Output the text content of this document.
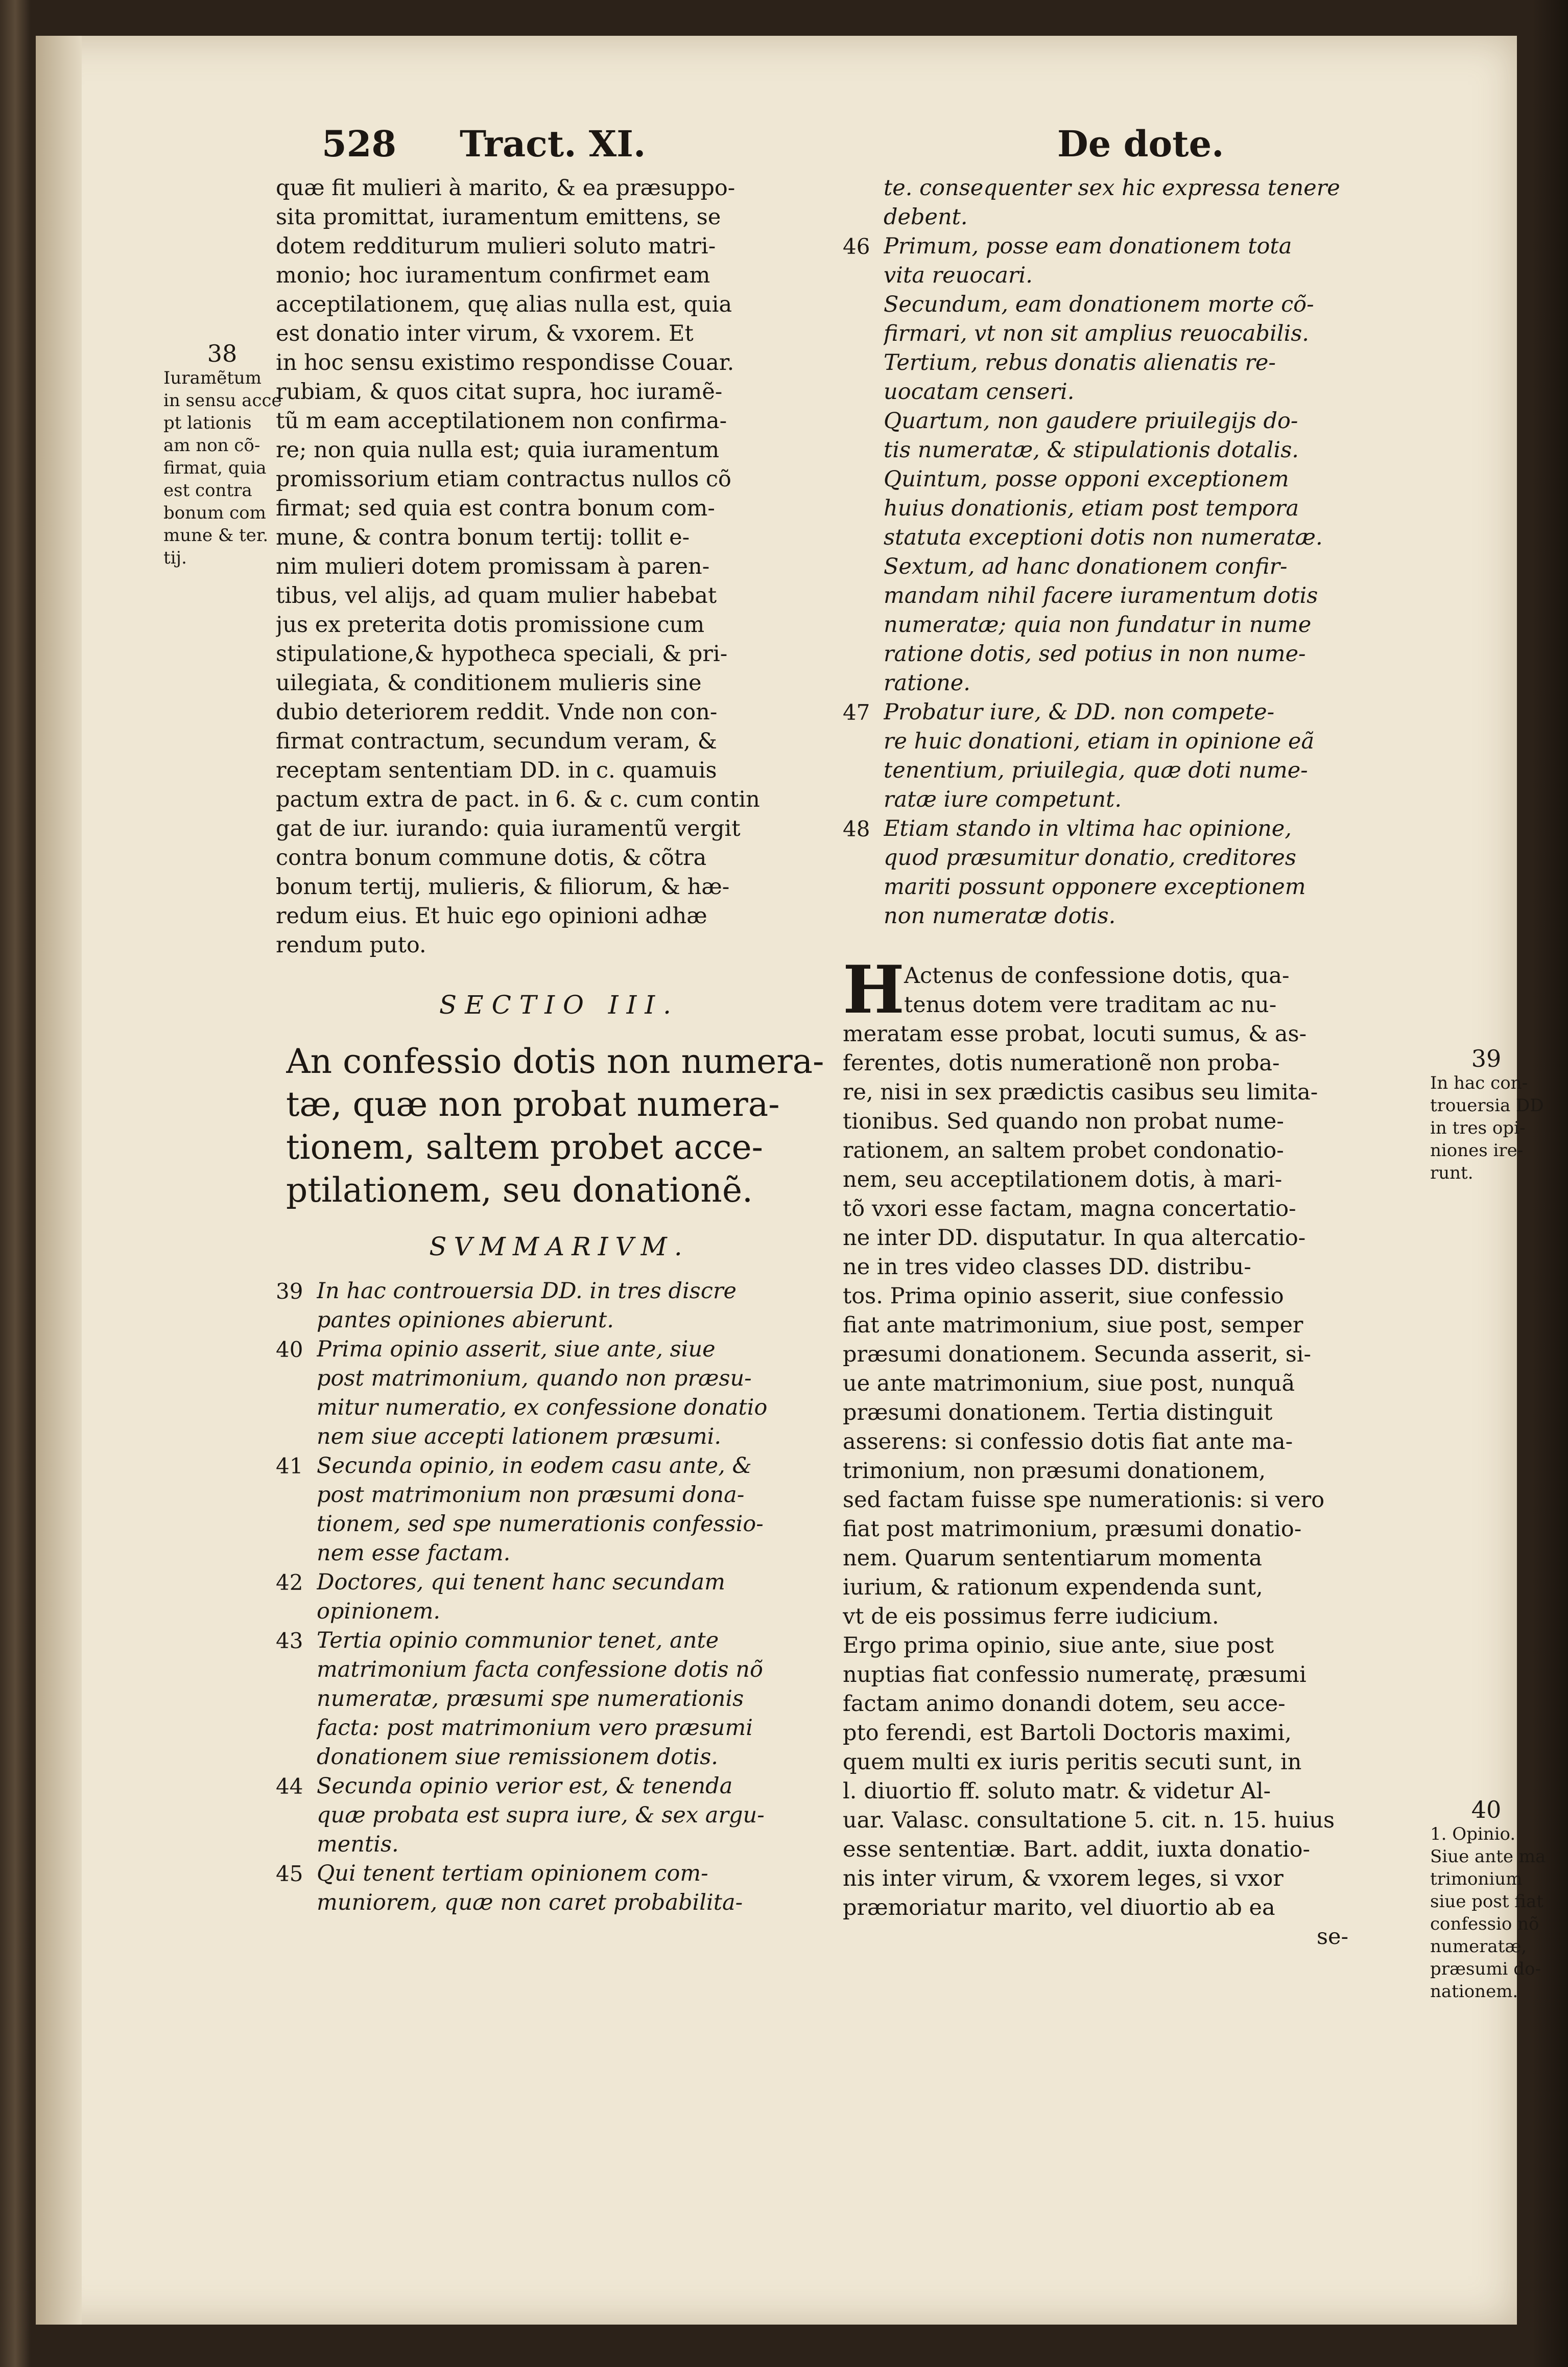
528 Tract. XI.	De dote.
38
Iuramẽtum
in sensu acce
pt lationis
am non cõ-
firmat, quia
est contra
bonum com
mune & ter.
tij.
quæ fit mulieri à marito, & ea præsuppo-
sita promittat, iuramentum emittens, se
dotem redditurum mulieri soluto matri-
monio; hoc iuramentum confirmet eam
acceptilationem, quę alias nulla est, quia
est donatio inter virum, & vxorem. Et
in hoc sensu existimo respondisse Couar.
rubiam, & quos citat supra, hoc iuramẽ-
tũ m eam acceptilationem non confirma-
re; non quia nulla est; quia iuramentum
promissorium etiam contractus nullos cõ
firmat; sed quia est contra bonum com-
mune, & contra bonum tertij: tollit e-
nim mulieri dotem promissam à paren-
tibus, vel alijs, ad quam mulier habebat
jus ex preterita dotis promissione cum
stipulatione,& hypotheca speciali, & pri-
uilegiata, & conditionem mulieris sine
dubio deteriorem reddit. Vnde non con-
firmat contractum, secundum veram, &
receptam sententiam DD. in c. quamuis
pactum extra de pact. in 6. & c. cum contin
gat de iur. iurando: quia iuramentũ vergit
contra bonum commune dotis, & cõtra
bonum tertij, mulieris, & filiorum, & hæ-
redum eius. Et huic ego opinioni adhæ
rendum puto.
SECTIO III.
An confessio dotis non numera-
tæ, quæ non probat numera-
tionem, saltem probet acce-
ptilationem, seu donationẽ.
SVMMARIVM.
39 In hac controuersia DD. in tres discre
pantes opiniones abierunt.
40 Prima opinio asserit, siue ante, siue
post matrimonium, quando non præsu-
mitur numeratio, ex confessione donatio
nem siue accepti lationem præsumi.
41 Secunda opinio, in eodem casu ante, &
post matrimonium non præsumi dona-
tionem, sed spe numerationis confessio-
nem esse factam.
42 Doctores, qui tenent hanc secundam
opinionem.
43 Tertia opinio communior tenet, ante
matrimonium facta confessione dotis nõ
numeratæ, præsumi spe numerationis
facta: post matrimonium vero præsumi
donationem siue remissionem dotis.
44 Secunda opinio verior est, & tenenda
quæ probata est supra iure, & sex argu-
mentis.
45 Qui tenent tertiam opinionem com-
muniorem, quæ non caret probabilita-
te. consequenter sex hic expressa tenere
debent.
46 Primum, posse eam donationem tota
vita reuocari.
Secundum, eam donationem morte cõ-
firmari, vt non sit amplius reuocabilis.
Tertium, rebus donatis alienatis re-
uocatam censeri.
Quartum, non gaudere priuilegijs do-
tis numeratæ, & stipulationis dotalis.
Quintum, posse opponi exceptionem
huius donationis, etiam post tempora
statuta exceptioni dotis non numeratæ.
Sextum, ad hanc donationem confir-
mandam nihil facere iuramentum dotis
numeratæ; quia non fundatur in nume
ratione dotis, sed potius in non nume-
ratione.
47 Probatur iure, & DD. non compete-
re huic donationi, etiam in opinione eã
tenentium, priuilegia, quæ doti nume-
ratæ iure competunt.
48 Etiam stando in vltima hac opinione,
quod præsumitur donatio, creditores
mariti possunt opponere exceptionem
non numeratæ dotis.
H Actenus de confessione dotis, qua-
tenus dotem vere traditam ac nu-
meratam esse probat, locuti sumus, & as-
ferentes, dotis numerationẽ non proba-
re, nisi in sex prædictis casibus seu limita-
tionibus. Sed quando non probat nume-
rationem, an saltem probet condonatio-
nem, seu acceptilationem dotis, à mari-
tõ vxori esse factam, magna concertatio-
ne inter DD. disputatur. In qua altercatio-
ne in tres video classes DD. distribu-
tos. Prima opinio asserit, siue confessio
fiat ante matrimonium, siue post, semper
præsumi donationem. Secunda asserit, si-
ue ante matrimonium, siue post, nunquã
præsumi donationem. Tertia distinguit
asserens: si confessio dotis fiat ante ma-
trimonium, non præsumi donationem,
sed factam fuisse spe numerationis: si vero
fiat post matrimonium, præsumi donatio-
nem. Quarum sententiarum momenta
iurium, & rationum expendenda sunt,
vt de eis possimus ferre iudicium.
Ergo prima opinio, siue ante, siue post
nuptias fiat confessio numeratę, præsumi
factam animo donandi dotem, seu acce-
pto ferendi, est Bartoli Doctoris maximi,
quem multi ex iuris peritis secuti sunt, in
l. diuortio ff. soluto matr. & videtur Al-
uar. Valasc. consultatione 5. cit. n. 15. huius
esse sententiæ. Bart. addit, iuxta donatio-
nis inter virum, & vxorem leges, si vxor
præmoriatur marito, vel diuortio ab ea
se-
39
In hac con-
trouersia DD
in tres opi-
niones ire-
runt.
40
1. Opinio.
Siue ante ma
trimonium
siue post fiat
confessio nõ
numeratæ,
præsumi do-
nationem.
